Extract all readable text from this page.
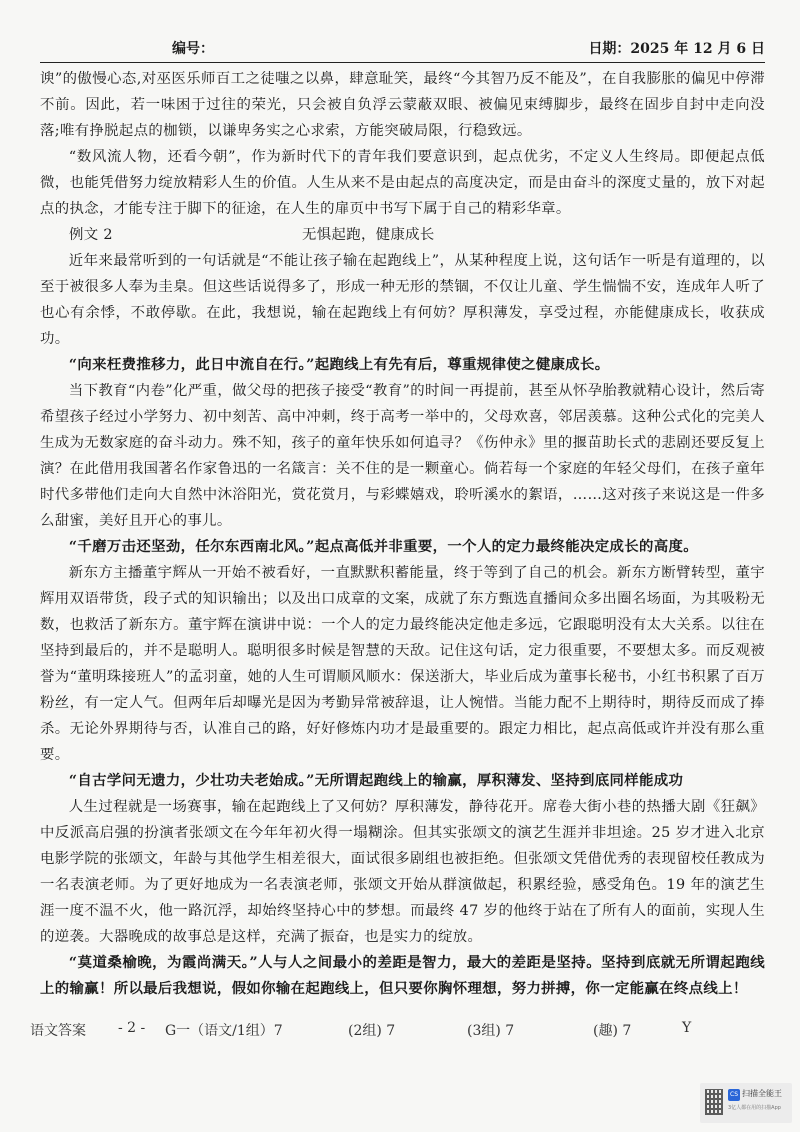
编号：	日期：2025 年 12 月 6 日

谀”的傲慢心态,对巫医乐师百工之徒嗤之以鼻，肆意耻笑，最终“今其智乃反不能及”，在自我膨胀的偏见中停滞不前。因此，若一味困于过往的荣光，只会被自负浮云蒙蔽双眼、被偏见束缚脚步，最终在固步自封中走向没落;唯有挣脱起点的枷锁，以谦卑务实之心求索，方能突破局限，行稳致远。

“数风流人物，还看今朝”，作为新时代下的青年我们要意识到，起点优劣，不定义人生终局。即便起点低微，也能凭借努力绽放精彩人生的价值。人生从来不是由起点的高度决定，而是由奋斗的深度丈量的，放下对起点的执念，才能专注于脚下的征途，在人生的扉页中书写下属于自己的精彩华章。

例文 2	无惧起跑，健康成长

近年来最常听到的一句话就是“不能让孩子输在起跑线上”，从某种程度上说，这句话乍一听是有道理的，以至于被很多人奉为圭臬。但这些话说得多了，形成一种无形的禁锢，不仅让儿童、学生惴惴不安，连成年人听了也心有余悸，不敢停歇。在此，我想说，输在起跑线上有何妨？厚积薄发，享受过程，亦能健康成长，收获成功。

“向来枉费推移力，此日中流自在行。”起跑线上有先有后，尊重规律使之健康成长。

当下教育“内卷”化严重，做父母的把孩子接受“教育”的时间一再提前，甚至从怀孕胎教就精心设计，然后寄希望孩子经过小学努力、初中刻苦、高中冲刺，终于高考一举中的，父母欢喜，邻居羡慕。这种公式化的完美人生成为无数家庭的奋斗动力。殊不知，孩子的童年快乐如何追寻？《伤仲永》里的揠苗助长式的悲剧还要反复上演？在此借用我国著名作家鲁迅的一名箴言：关不住的是一颗童心。倘若每一个家庭的年轻父母们，在孩子童年时代多带他们走向大自然中沐浴阳光，赏花赏月，与彩蝶嬉戏，聆听溪水的絮语，……这对孩子来说这是一件多么甜蜜，美好且开心的事儿。

“千磨万击还坚劲，任尔东西南北风。”起点高低并非重要，一个人的定力最终能决定成长的高度。

新东方主播董宇辉从一开始不被看好，一直默默积蓄能量，终于等到了自己的机会。新东方断臂转型，董宇辉用双语带货，段子式的知识输出；以及出口成章的文案，成就了东方甄选直播间众多出圈名场面，为其吸粉无数，也救活了新东方。董宇辉在演讲中说：一个人的定力最终能决定他走多远，它跟聪明没有太大关系。以往在坚持到最后的，并不是聪明人。聪明很多时候是智慧的天敌。记住这句话，定力很重要，不要想太多。而反观被誉为“董明珠接班人”的孟羽童，她的人生可谓顺风顺水：保送浙大，毕业后成为董事长秘书，小红书积累了百万粉丝，有一定人气。但两年后却曝光是因为考勤异常被辞退，让人惋惜。当能力配不上期待时，期待反而成了捧杀。无论外界期待与否，认准自己的路，好好修炼内功才是最重要的。跟定力相比，起点高低或许并没有那么重要。

“自古学问无遗力，少壮功夫老始成。”无所谓起跑线上的输赢，厚积薄发、坚持到底同样能成功

人生过程就是一场赛事，输在起跑线上了又何妨？厚积薄发，静待花开。席卷大街小巷的热播大剧《狂飙》中反派高启强的扮演者张颂文在今年年初火得一塌糊涂。但其实张颂文的演艺生涯并非坦途。25 岁才进入北京电影学院的张颂文，年龄与其他学生相差很大，面试很多剧组也被拒绝。但张颂文凭借优秀的表现留校任教成为一名表演老师。为了更好地成为一名表演老师，张颂文开始从群演做起，积累经验，感受角色。19 年的演艺生涯一度不温不火，他一路沉浮，却始终坚持心中的梦想。而最终 47 岁的他终于站在了所有人的面前，实现人生的逆袭。大器晚成的故事总是这样，充满了振奋，也是实力的绽放。

“莫道桑榆晚，为霞尚满天。”人与人之间最小的差距是智力，最大的差距是坚持。坚持到底就无所谓起跑线上的输赢！所以最后我想说，假如你输在起跑线上，但只要你胸怀理想，努力拼搏，你一定能赢在终点线上！

语文答案 - 2 - G一（语文/1组）7	(2组) 7	(3组) 7	(趣) 7	Y
CS 扫描全能王
3亿人都在用的扫描App
